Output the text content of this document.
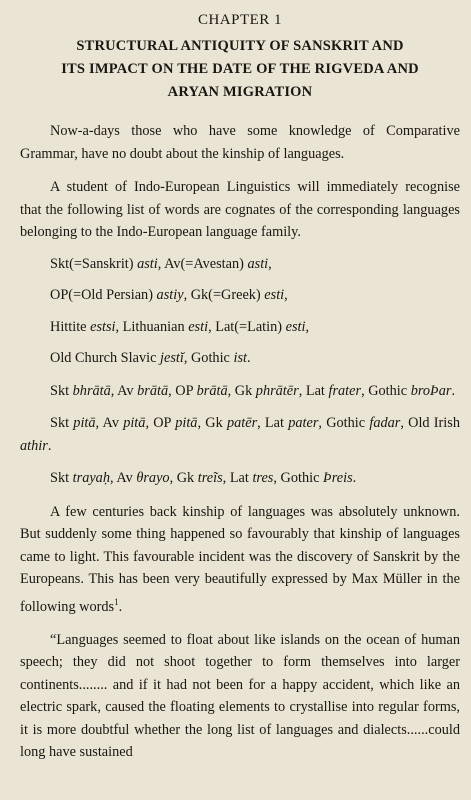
CHAPTER 1
STRUCTURAL ANTIQUITY OF SANSKRIT AND
ITS IMPACT ON THE DATE OF THE RIGVEDA AND
ARYAN MIGRATION

Now-a-days those who have some knowledge of Comparative Grammar, have no doubt about the kinship of languages.

A student of Indo-European Linguistics will immediately recognise that the following list of words are cognates of the corresponding languages belonging to the Indo-European language family.

Skt(=Sanskrit) asti, Av(=Avestan) asti,

OP(=Old Persian) astiy, Gk(=Greek) esti,

Hittite estsi, Lithuanian esti, Lat(=Latin) esti,

Old Church Slavic jestĭ, Gothic ist.

Skt bhrātā, Av brātā, OP brātā, Gk phrātēr, Lat frater, Gothic broÞar.

Skt pitā, Av pitā, OP pitā, Gk patēr, Lat pater, Gothic fadar, Old Irish athir.

Skt trayaḥ, Av θrayo, Gk treĩs, Lat tres, Gothic Þreis.

A few centuries back kinship of languages was absolutely unknown. But suddenly some thing happened so favourably that kinship of languages came to light. This favourable incident was the discovery of Sanskrit by the Europeans. This has been very beautifully expressed by Max Müller in the following words$^1$.

“Languages seemed to float about like islands on the ocean of human speech; they did not shoot together to form themselves into larger continents........ and if it had not been for a happy accident, which like an electric spark, caused the floating elements to crystallise into regular forms, it is more doubtful whether the long list of languages and dialects......could long have sustained
